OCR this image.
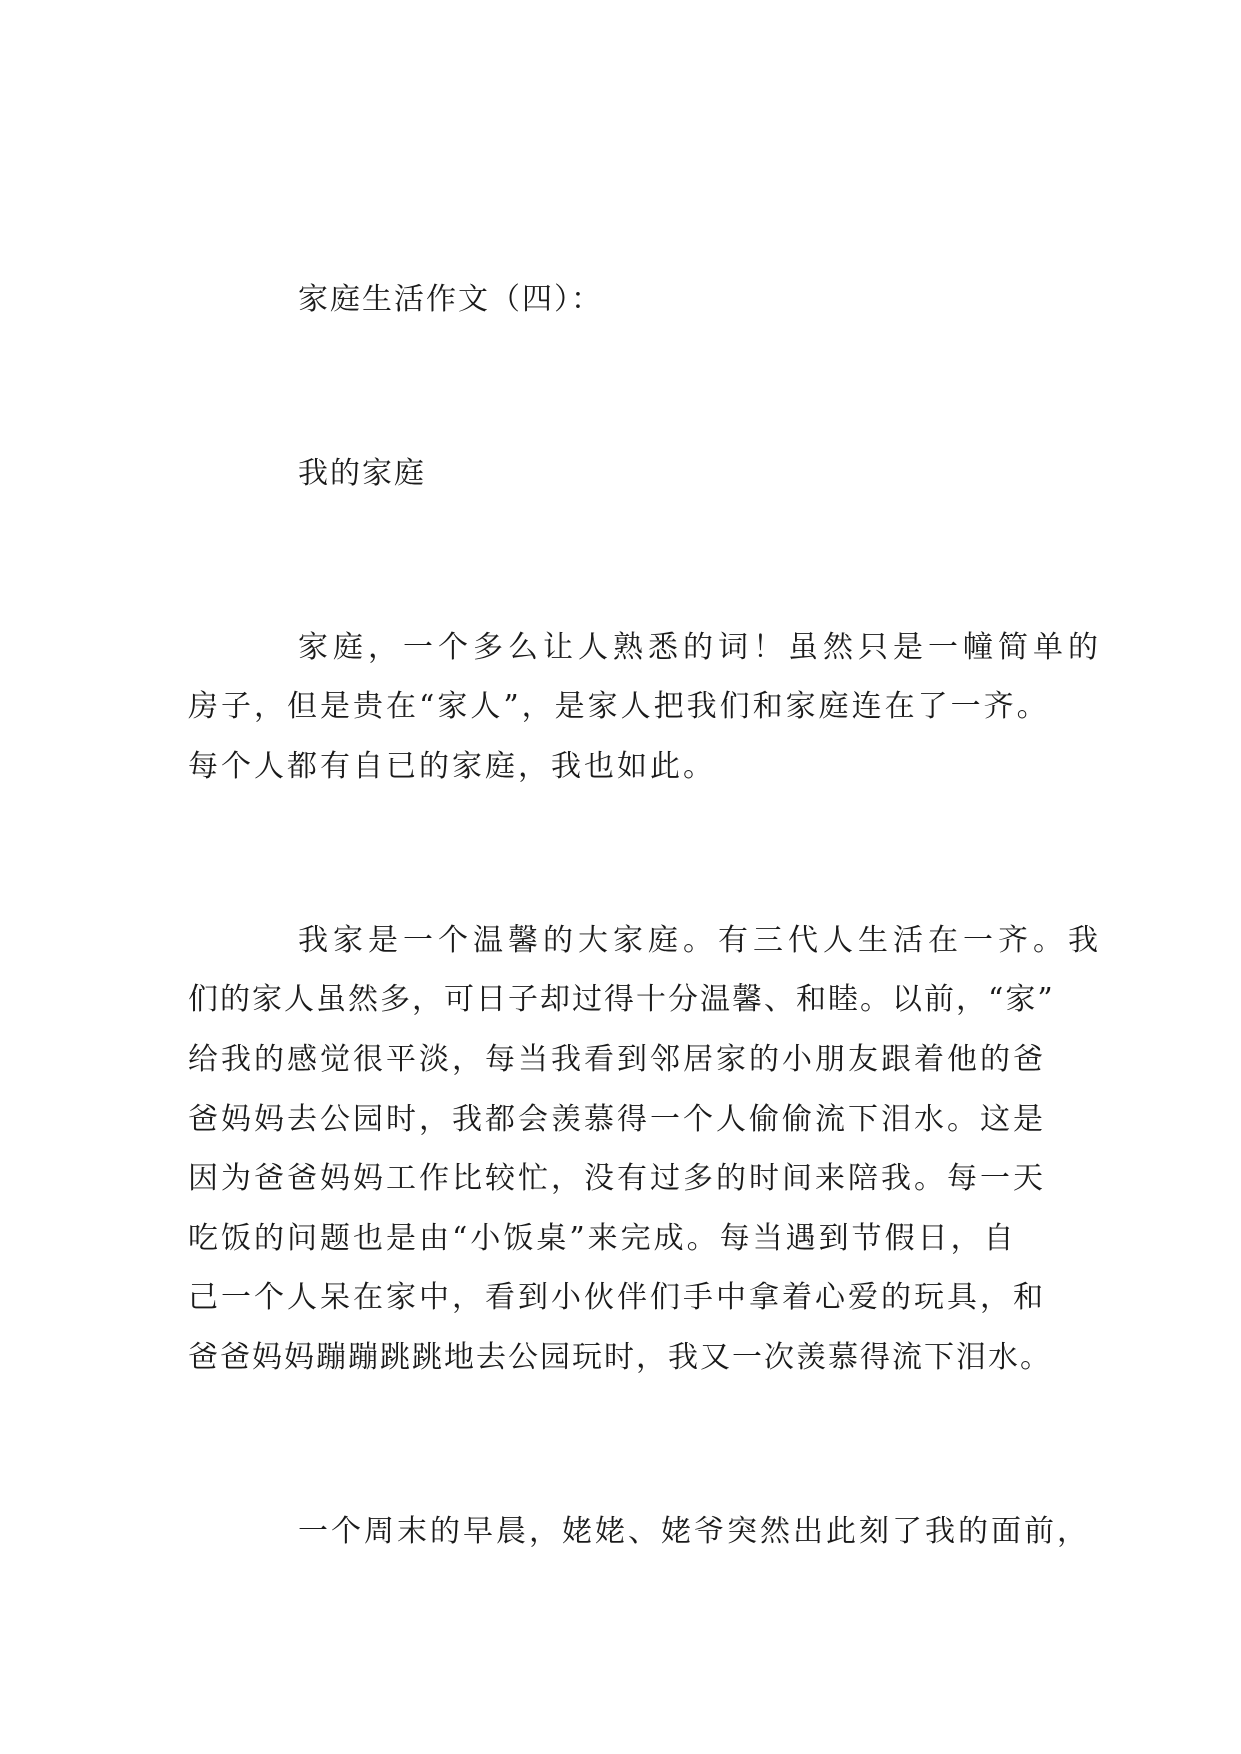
家庭生活作文（四）：
我的家庭
家庭，一个多么让人熟悉的词！虽然只是一幢简单的
房子，但是贵在“家人”，是家人把我们和家庭连在了一齐。
每个人都有自已的家庭，我也如此。
我家是一个温馨的大家庭。有三代人生活在一齐。我
们的家人虽然多，可日子却过得十分温馨、和睦。以前，“家”
给我的感觉很平淡，每当我看到邻居家的小朋友跟着他的爸
爸妈妈去公园时，我都会羡慕得一个人偷偷流下泪水。这是
因为爸爸妈妈工作比较忙，没有过多的时间来陪我。每一天
吃饭的问题也是由“小饭桌”来完成。每当遇到节假日，自
己一个人呆在家中，看到小伙伴们手中拿着心爱的玩具，和
爸爸妈妈蹦蹦跳跳地去公园玩时，我又一次羡慕得流下泪水。
一个周末的早晨，姥姥、姥爷突然出此刻了我的面前，
